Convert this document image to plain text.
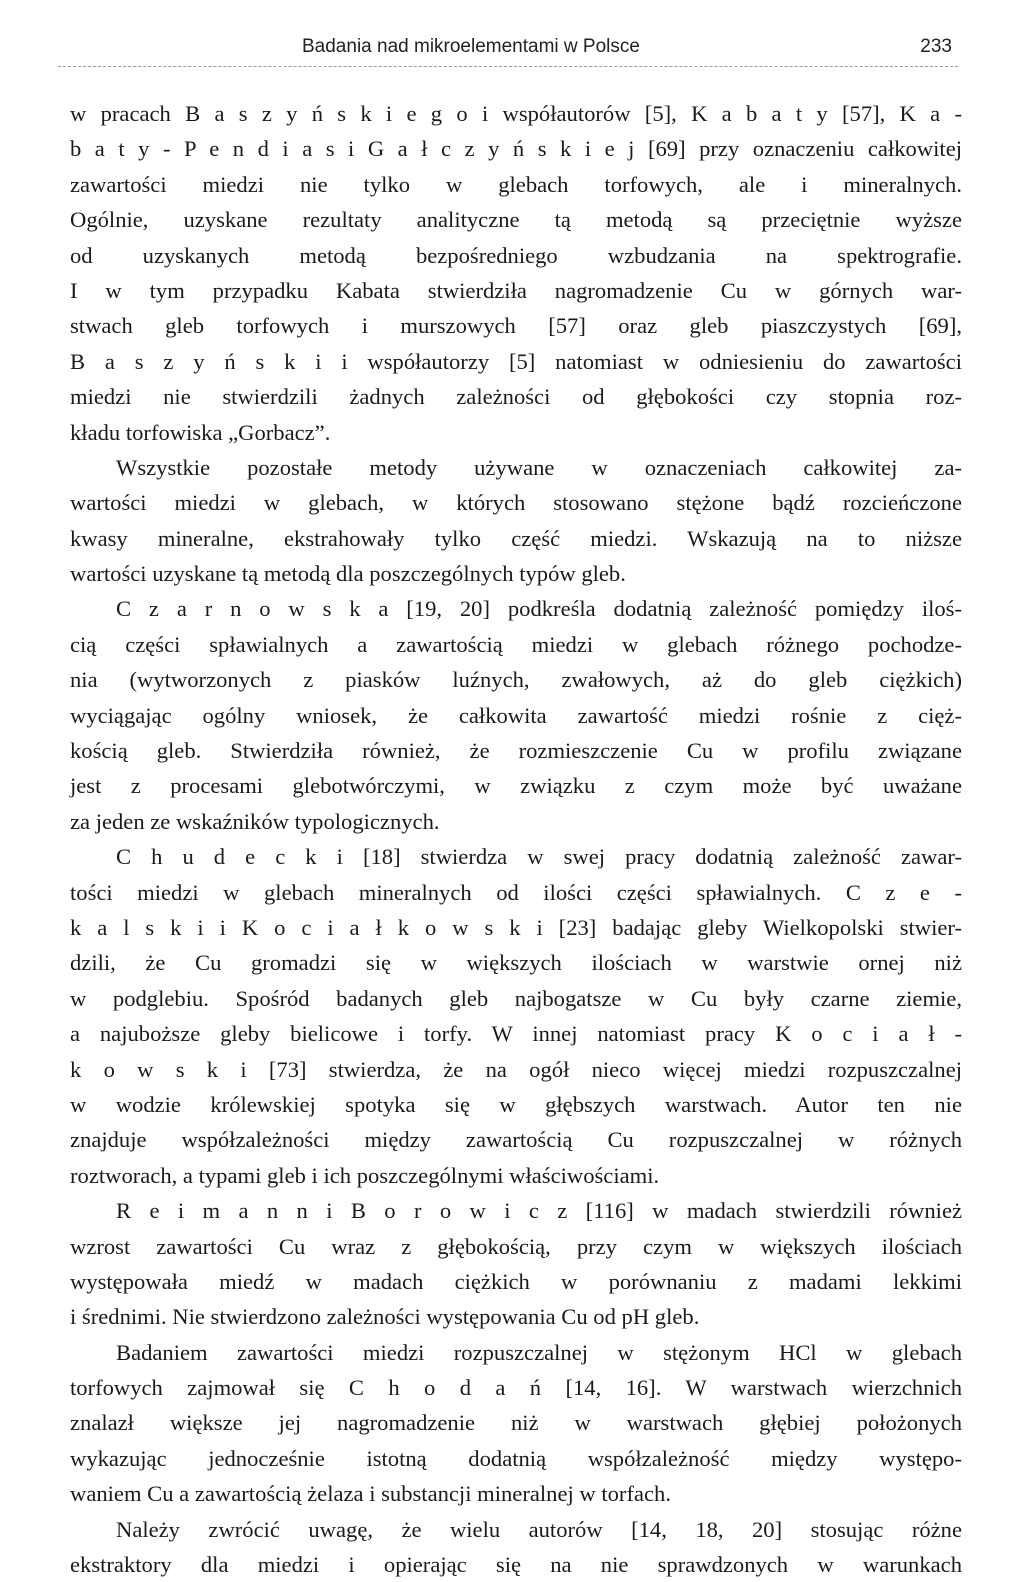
Badania nad mikroelementami w Polsce	233
w pracach B a s z y ń s k i e g o i współautorów [5], K a b a t y [57], K a -
b a t y - P e n d i a s i G a ł c z y ń s k i e j [69] przy oznaczeniu całkowitej
zawartości miedzi nie tylko w glebach torfowych, ale i mineralnych.
Ogólnie, uzyskane rezultaty analityczne tą metodą są przeciętnie wyższe
od uzyskanych metodą bezpośredniego wzbudzania na spektrografie.
I w tym przypadku Kabata stwierdziła nagromadzenie Cu w górnych war-
stwach gleb torfowych i murszowych [57] oraz gleb piaszczystych [69],
B a s z y ń s k i i współautorzy [5] natomiast w odniesieniu do zawartości
miedzi nie stwierdzili żadnych zależności od głębokości czy stopnia roz-
kładu torfowiska „Gorbacz”.
Wszystkie pozostałe metody używane w oznaczeniach całkowitej za-
wartości miedzi w glebach, w których stosowano stężone bądź rozcieńczone
kwasy mineralne, ekstrahowały tylko część miedzi. Wskazują na to niższe
wartości uzyskane tą metodą dla poszczególnych typów gleb.
C z a r n o w s k a [19, 20] podkreśla dodatnią zależność pomiędzy iloś-
cią części spławialnych a zawartością miedzi w glebach różnego pochodze-
nia (wytworzonych z piasków luźnych, zwałowych, aż do gleb ciężkich)
wyciągając ogólny wniosek, że całkowita zawartość miedzi rośnie z cięż-
kością gleb. Stwierdziła również, że rozmieszczenie Cu w profilu związane
jest z procesami glebotwórczymi, w związku z czym może być uważane
za jeden ze wskaźników typologicznych.
C h u d e c k i [18] stwierdza w swej pracy dodatnią zależność zawar-
tości miedzi w glebach mineralnych od ilości części spławialnych. C z e -
k a l s k i i K o c i a ł k o w s k i [23] badając gleby Wielkopolski stwier-
dzili, że Cu gromadzi się w większych ilościach w warstwie ornej niż
w podglebiu. Spośród badanych gleb najbogatsze w Cu były czarne ziemie,
a najuboższe gleby bielicowe i torfy. W innej natomiast pracy K o c i a ł -
k o w s k i [73] stwierdza, że na ogół nieco więcej miedzi rozpuszczalnej
w wodzie królewskiej spotyka się w głębszych warstwach. Autor ten nie
znajduje współzależności między zawartością Cu rozpuszczalnej w różnych
roztworach, a typami gleb i ich poszczególnymi właściwościami.
R e i m a n n i B o r o w i c z [116] w madach stwierdzili również
wzrost zawartości Cu wraz z głębokością, przy czym w większych ilościach
występowała miedź w madach ciężkich w porównaniu z madami lekkimi
i średnimi. Nie stwierdzono zależności występowania Cu od pH gleb.
Badaniem zawartości miedzi rozpuszczalnej w stężonym HCl w glebach
torfowych zajmował się C h o d a ń [14, 16]. W warstwach wierzchnich
znalazł większe jej nagromadzenie niż w warstwach głębiej położonych
wykazując jednocześnie istotną dodatnią współzależność między występo-
waniem Cu a zawartością żelaza i substancji mineralnej w torfach.
Należy zwrócić uwagę, że wielu autorów [14, 18, 20] stosując różne
ekstraktory dla miedzi i opierając się na nie sprawdzonych w warunkach
